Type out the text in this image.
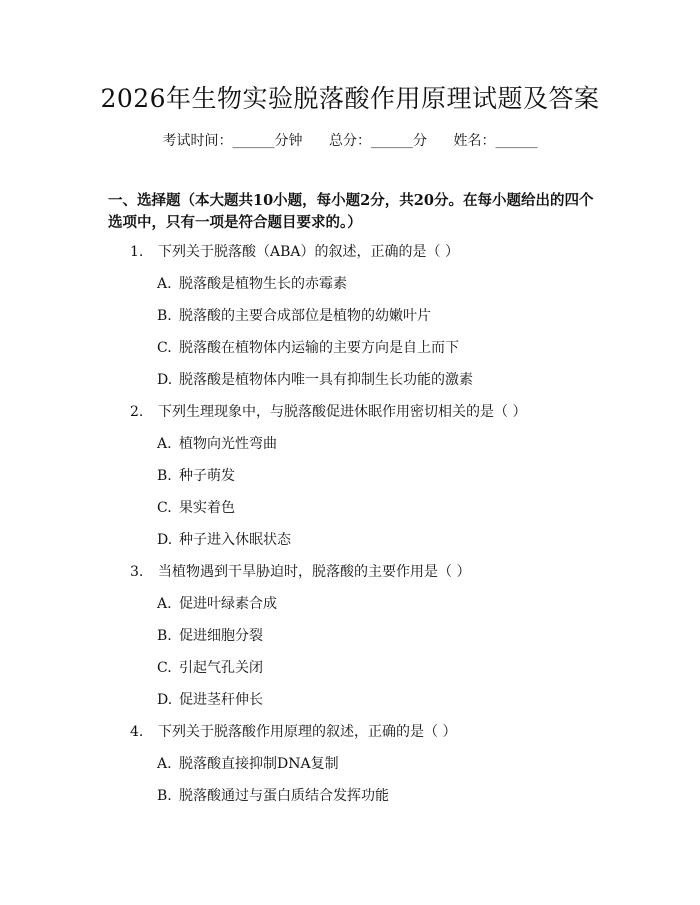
2026年生物实验脱落酸作用原理试题及答案
考试时间：______分钟 总分：______分 姓名：______
一、选择题（本大题共10小题，每小题2分，共20分。在每小题给出的四个选项中，只有一项是符合题目要求的。）
1. 下列关于脱落酸（ABA）的叙述，正确的是（ ）
A. 脱落酸是植物生长的赤霉素
B. 脱落酸的主要合成部位是植物的幼嫩叶片
C. 脱落酸在植物体内运输的主要方向是自上而下
D. 脱落酸是植物体内唯一具有抑制生长功能的激素
2. 下列生理现象中，与脱落酸促进休眠作用密切相关的是（ ）
A. 植物向光性弯曲
B. 种子萌发
C. 果实着色
D. 种子进入休眠状态
3. 当植物遇到干旱胁迫时，脱落酸的主要作用是（ ）
A. 促进叶绿素合成
B. 促进细胞分裂
C. 引起气孔关闭
D. 促进茎秆伸长
4. 下列关于脱落酸作用原理的叙述，正确的是（ ）
A. 脱落酸直接抑制DNA复制
B. 脱落酸通过与蛋白质结合发挥功能
